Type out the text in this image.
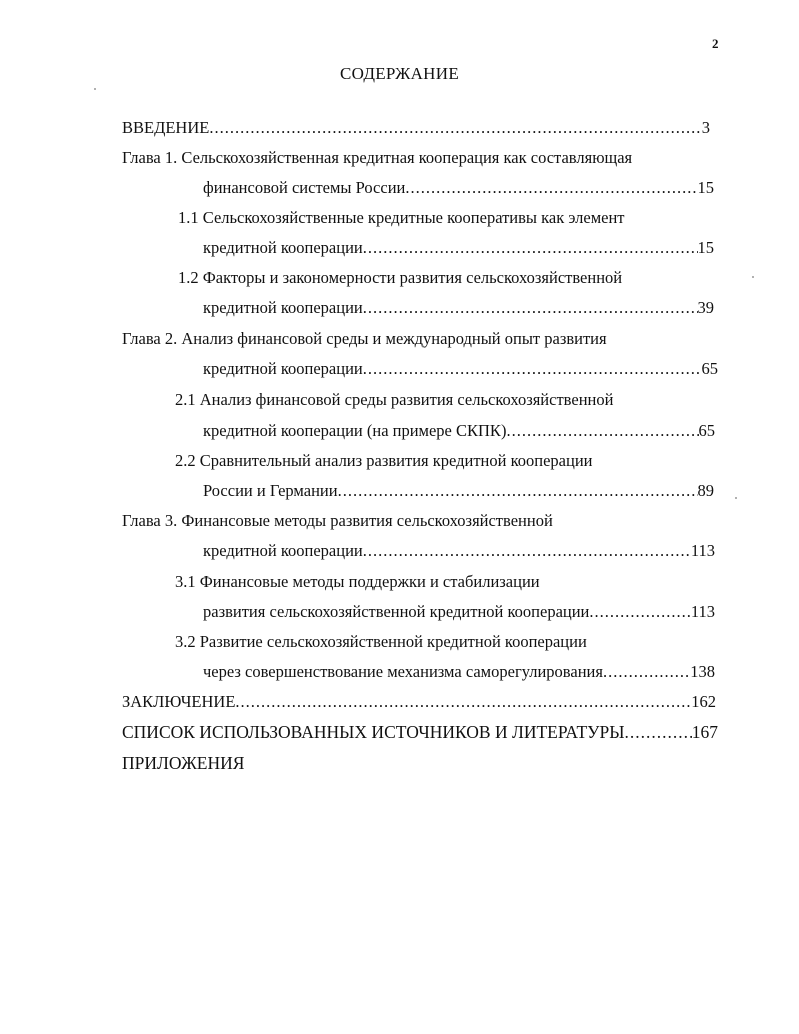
2
СОДЕРЖАНИЕ
ВВЕДЕНИЕ .....	3
Глава 1. Сельскохозяйственная кредитная кооперация как составляющая
финансовой системы России .....	15
1.1 Сельскохозяйственные кредитные кооперативы как элемент
кредитной кооперации .....	15
1.2 Факторы и закономерности развития сельскохозяйственной
кредитной кооперации .....	39
Глава 2. Анализ финансовой среды и международный опыт развития
кредитной кооперации .....	65
2.1 Анализ финансовой среды развития сельскохозяйственной
кредитной кооперации (на примере СКПК) .....	65
2.2 Сравнительный анализ развития кредитной кооперации
России и Германии .....	89
Глава 3. Финансовые методы развития сельскохозяйственной
кредитной кооперации .....	113
3.1 Финансовые методы поддержки и стабилизации
развития сельскохозяйственной кредитной кооперации .....	113
3.2 Развитие сельскохозяйственной кредитной кооперации
через совершенствование механизма саморегулирования .....	138
ЗАКЛЮЧЕНИЕ .....	162
СПИСОК ИСПОЛЬЗОВАННЫХ ИСТОЧНИКОВ И ЛИТЕРАТУРЫ .....	167
ПРИЛОЖЕНИЯ
